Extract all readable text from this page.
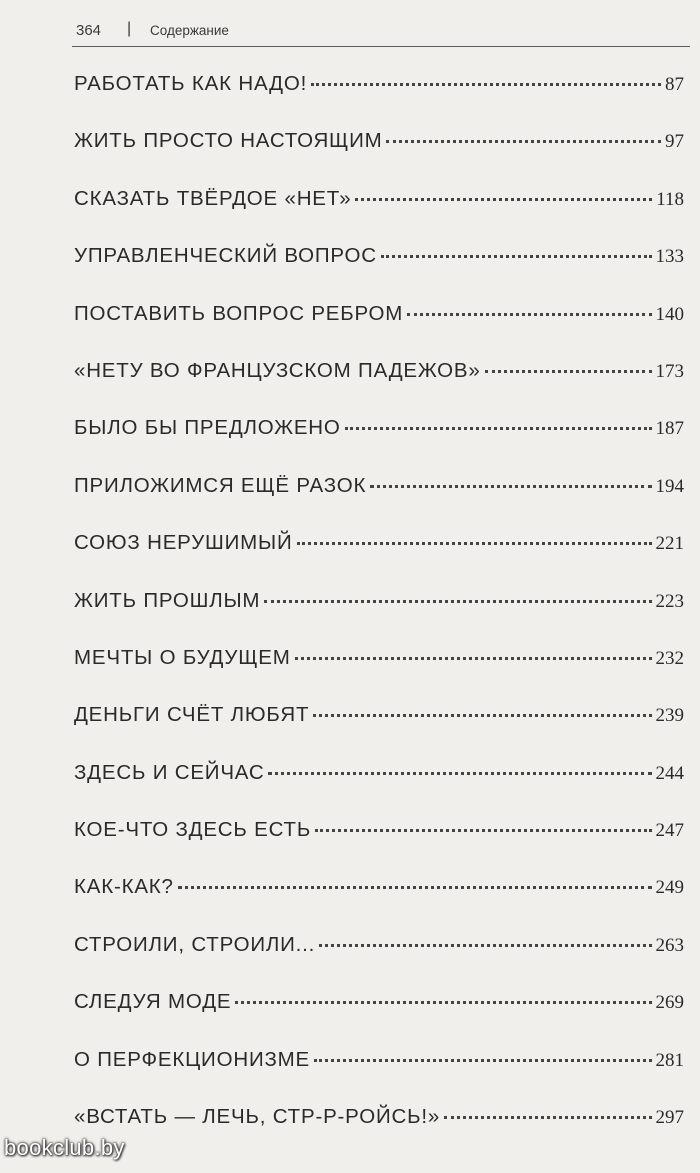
364 | Содержание
РАБОТАТЬ КАК НАДО!	87
ЖИТЬ ПРОСТО НАСТОЯЩИМ	97
СКАЗАТЬ ТВЁРДОЕ «НЕТ»	118
УПРАВЛЕНЧЕСКИЙ ВОПРОС	133
ПОСТАВИТЬ ВОПРОС РЕБРОМ	140
«НЕТУ ВО ФРАНЦУЗСКОМ ПАДЕЖОВ»	173
БЫЛО БЫ ПРЕДЛОЖЕНО	187
ПРИЛОЖИМСЯ ЕЩЁ РАЗОК	194
СОЮЗ НЕРУШИМЫЙ	221
ЖИТЬ ПРОШЛЫМ	223
МЕЧТЫ О БУДУЩЕМ	232
ДЕНЬГИ СЧЁТ ЛЮБЯТ	239
ЗДЕСЬ И СЕЙЧАС	244
КОЕ-ЧТО ЗДЕСЬ ЕСТЬ	247
КАК-КАК?	249
СТРОИЛИ, СТРОИЛИ...	263
СЛЕДУЯ МОДЕ	269
О ПЕРФЕКЦИОНИЗМЕ	281
«ВСТАТЬ — ЛЕЧЬ, СТР-Р-РОЙСЬ!»	297
bookclub.by
